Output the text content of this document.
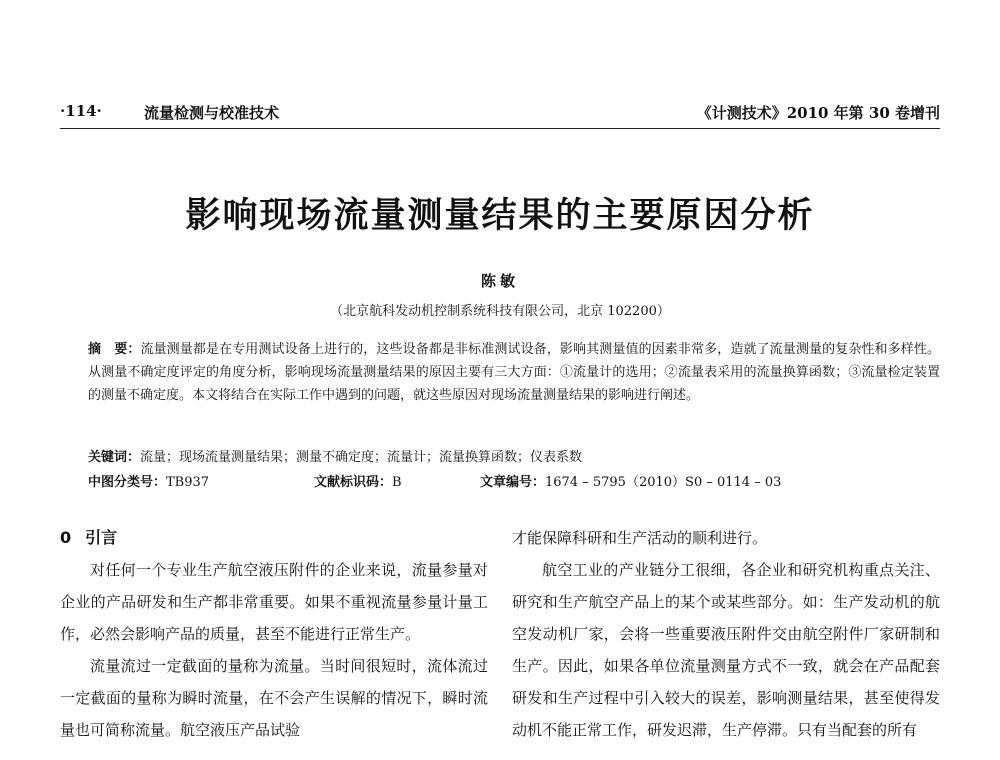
·114·	流量检测与校准技术	《计测技术》2010 年第 30 卷增刊
影响现场流量测量结果的主要原因分析
陈敏
（北京航科发动机控制系统科技有限公司，北京 102200）
摘　要：流量测量都是在专用测试设备上进行的，这些设备都是非标准测试设备，影响其测量值的因素非常多，造就了流量测量的复杂性和多样性。从测量不确定度评定的角度分析，影响现场流量测量结果的原因主要有三大方面：①流量计的选用；②流量表采用的流量换算函数；③流量检定装置的测量不确定度。本文将结合在实际工作中遇到的问题，就这些原因对现场流量测量结果的影响进行阐述。
关键词：流量；现场流量测量结果；测量不确定度；流量计；流量换算函数；仪表系数
中图分类号：TB937	文献标识码：B	文章编号：1674 – 5795（2010）S0 – 0114 – 03
0 引言

对任何一个专业生产航空液压附件的企业来说，流量参量对企业的产品研发和生产都非常重要。如果不重视流量参量计量工作，必然会影响产品的质量，甚至不能进行正常生产。

流量流过一定截面的量称为流量。当时间很短时，流体流过一定截面的量称为瞬时流量，在不会产生误解的情况下，瞬时流量也可简称流量。航空液压产品试验

才能保障科研和生产活动的顺利进行。

航空工业的产业链分工很细，各企业和研究机构重点关注、研究和生产航空产品上的某个或某些部分。如：生产发动机的航空发动机厂家，会将一些重要液压附件交由航空附件厂家研制和生产。因此，如果各单位流量测量方式不一致，就会在产品配套研发和生产过程中引入较大的误差，影响测量结果，甚至使得发动机不能正常工作，研发迟滞，生产停滞。只有当配套的所有
